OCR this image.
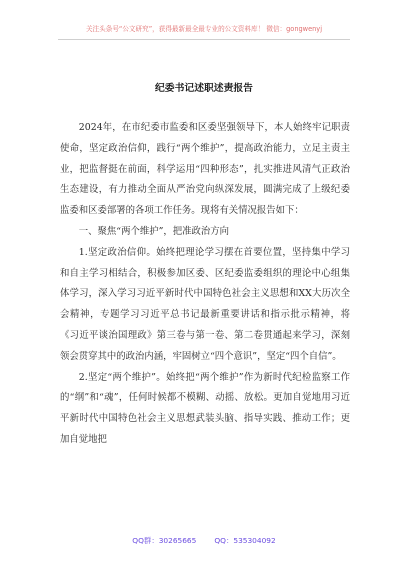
关注头条号“公文研究”，获得最新最全最专业的公文资料库！ 微信：gongwenyj
纪委书记述职述责报告

2024年，在市纪委市监委和区委坚强领导下，本人始终牢记职责使命，坚定政治信仰，践行“两个维护”，提高政治能力，立足主责主业，把监督挺在前面，科学运用“四种形态”，扎实推进风清气正政治生态建设，有力推动全面从严治党向纵深发展，圆满完成了上级纪委监委和区委部署的各项工作任务。现将有关情况报告如下：

一、聚焦“两个维护”，把准政治方向

1.坚定政治信仰。始终把理论学习摆在首要位置，坚持集中学习和自主学习相结合，积极参加区委、区纪委监委组织的理论中心组集体学习，深入学习习近平新时代中国特色社会主义思想和XX大历次全会精神，专题学习习近平总书记最新重要讲话和指示批示精神，将《习近平谈治国理政》第三卷与第一卷、第二卷贯通起来学习，深刻领会贯穿其中的政治内涵，牢固树立“四个意识”，坚定“四个自信”。

2.坚定“两个维护”。始终把“两个维护”作为新时代纪检监察工作的“纲”和“魂”，任何时候都不模糊、动摇、放松。更加自觉地用习近平新时代中国特色社会主义思想武装头脑、指导实践、推动工作；更加自觉地把

QQ群：30265665 QQ：535304092
